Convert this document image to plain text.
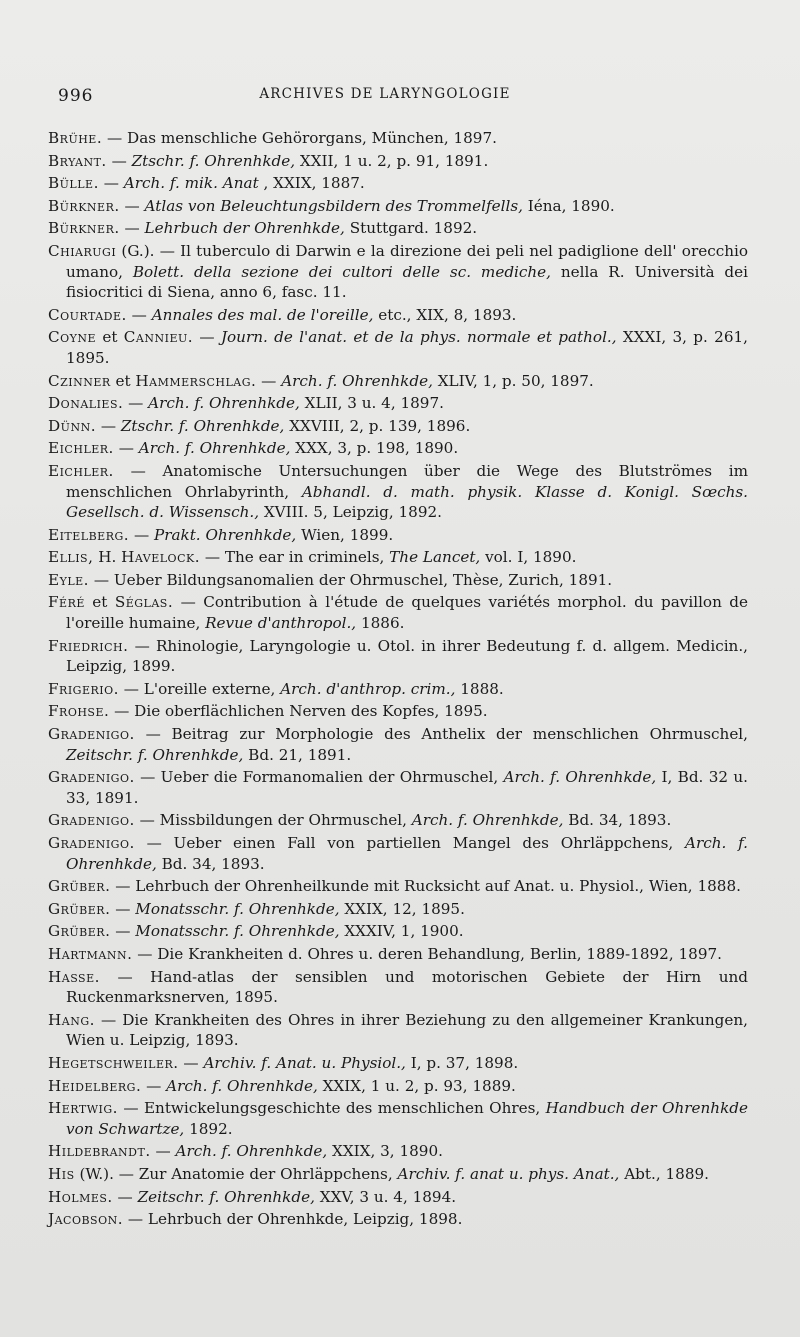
996	ARCHIVES DE LARYNGOLOGIE

Brühe. — Das menschliche Gehörorgans, München, 1897.

Bryant. — Ztschr. f. Ohrenhkde, XXII, 1 u. 2, p. 91, 1891.

Bülle. — Arch. f. mik. Anat , XXIX, 1887.

Bürkner. — Atlas von Beleuchtungsbildern des Trommelfells, Iéna, 1890.

Bürkner. — Lehrbuch der Ohrenhkde, Stuttgard. 1892.

Chiarugi (G.). — Il tuberculo di Darwin e la direzione dei peli nel padiglione dell' orecchio umano, Bolett. della sezione dei cultori delle sc. mediche, nella R. Università dei fisiocritici di Siena, anno 6, fasc. 11.

Courtade. — Annales des mal. de l'oreille, etc., XIX, 8, 1893.

Coyne et Cannieu. — Journ. de l'anat. et de la phys. normale et pathol., XXXI, 3, p. 261, 1895.

Czinner et Hammerschlag. — Arch. f. Ohrenhkde, XLIV, 1, p. 50, 1897.

Donalies. — Arch. f. Ohrenhkde, XLII, 3 u. 4, 1897.

Dünn. — Ztschr. f. Ohrenhkde, XXVIII, 2, p. 139, 1896.

Eichler. — Arch. f. Ohrenhkde, XXX, 3, p. 198, 1890.

Eichler. — Anatomische Untersuchungen über die Wege des Blutströmes im menschlichen Ohrlabyrinth, Abhandl. d. math. physik. Klasse d. Konigl. Sœchs. Gesellsch. d. Wissensch., XVIII. 5, Leipzig, 1892.

Eitelberg. — Prakt. Ohrenhkde, Wien, 1899.

Ellis, H. Havelock. — The ear in criminels, The Lancet, vol. I, 1890.

Eyle. — Ueber Bildungsanomalien der Ohrmuschel, Thèse, Zurich, 1891.

Féré et Séglas. — Contribution à l'étude de quelques variétés morphol. du pavillon de l'oreille humaine, Revue d'anthropol., 1886.

Friedrich. — Rhinologie, Laryngologie u. Otol. in ihrer Bedeutung f. d. allgem. Medicin., Leipzig, 1899.

Frigerio. — L'oreille externe, Arch. d'anthrop. crim., 1888.

Frohse. — Die oberflächlichen Nerven des Kopfes, 1895.

Gradenigo. — Beitrag zur Morphologie des Anthelix der menschlichen Ohrmuschel, Zeitschr. f. Ohrenhkde, Bd. 21, 1891.

Gradenigo. — Ueber die Formanomalien der Ohrmuschel, Arch. f. Ohrenhkde, I, Bd. 32 u. 33, 1891.

Gradenigo. — Missbildungen der Ohrmuschel, Arch. f. Ohrenhkde, Bd. 34, 1893.

Gradenigo. — Ueber einen Fall von partiellen Mangel des Ohrläppchens, Arch. f. Ohrenhkde, Bd. 34, 1893.

Grüber. — Lehrbuch der Ohrenheilkunde mit Rucksicht auf Anat. u. Physiol., Wien, 1888.

Grüber. — Monatsschr. f. Ohrenhkde, XXIX, 12, 1895.

Grüber. — Monatsschr. f. Ohrenhkde, XXXIV, 1, 1900.

Hartmann. — Die Krankheiten d. Ohres u. deren Behandlung, Berlin, 1889-1892, 1897.

Hasse. — Hand-atlas der sensiblen und motorischen Gebiete der Hirn und Ruckenmarksnerven, 1895.

Hang. — Die Krankheiten des Ohres in ihrer Beziehung zu den allgemeiner Krankungen, Wien u. Leipzig, 1893.

Hegetschweiler. — Archiv. f. Anat. u. Physiol., I, p. 37, 1898.

Heidelberg. — Arch. f. Ohrenhkde, XXIX, 1 u. 2, p. 93, 1889.

Hertwig. — Entwickelungsgeschichte des menschlichen Ohres, Handbuch der Ohrenhkde von Schwartze, 1892.

Hildebrandt. — Arch. f. Ohrenhkde, XXIX, 3, 1890.

His (W.). — Zur Anatomie der Ohrläppchens, Archiv. f. anat u. phys. Anat., Abt., 1889.

Holmes. — Zeitschr. f. Ohrenhkde, XXV, 3 u. 4, 1894.

Jacobson. — Lehrbuch der Ohrenhkde, Leipzig, 1898.
